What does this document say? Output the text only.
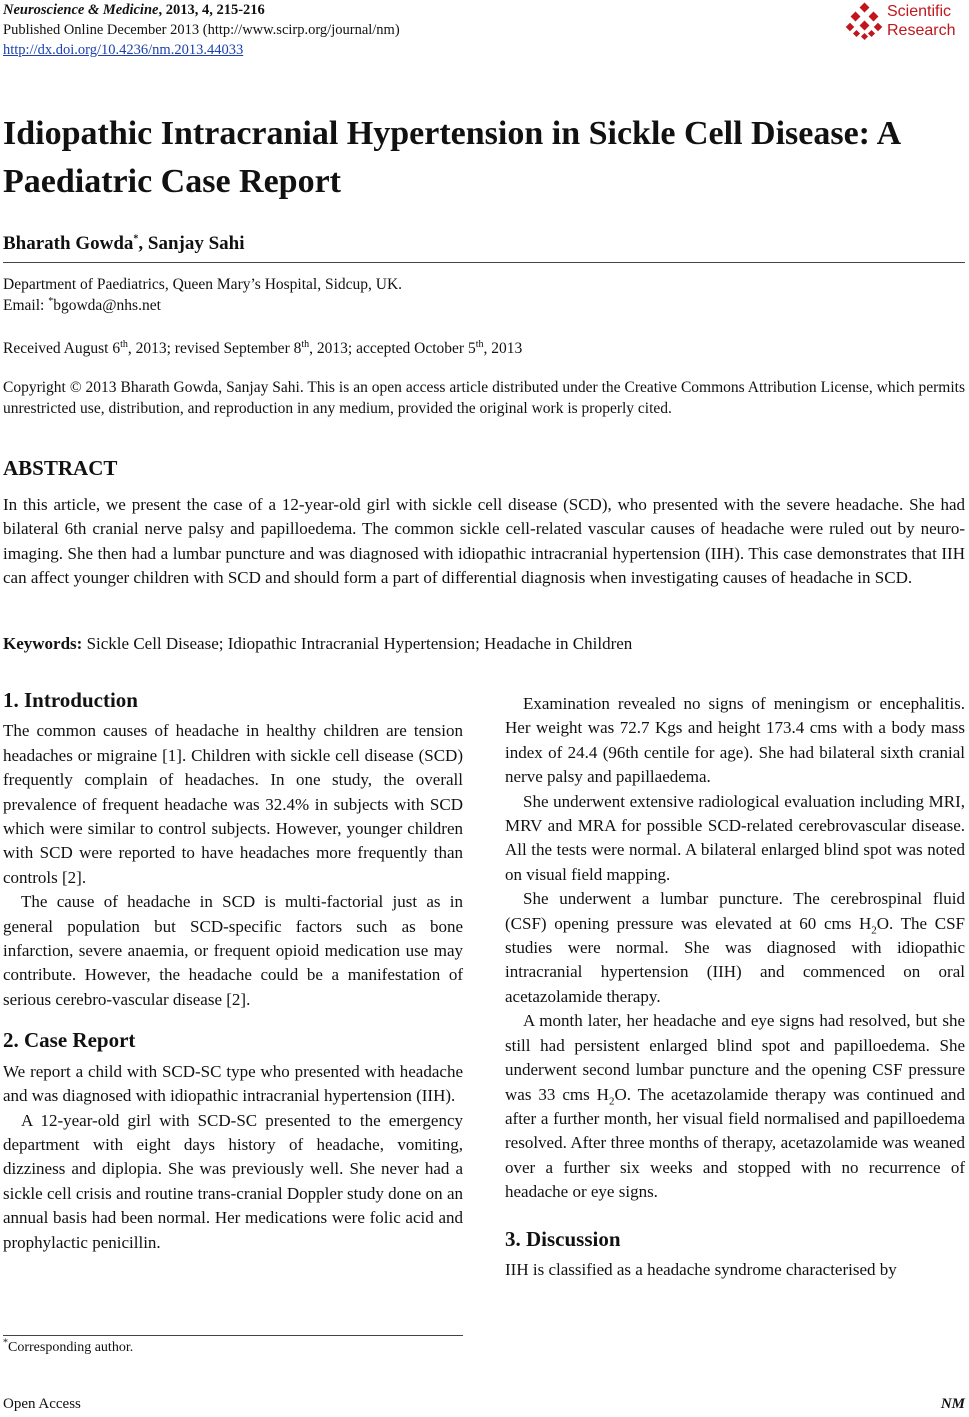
Neuroscience & Medicine, 2013, 4, 215-216
Published Online December 2013 (http://www.scirp.org/journal/nm)
http://dx.doi.org/10.4236/nm.2013.44033
Scientific
Research
Idiopathic Intracranial Hypertension in Sickle Cell Disease: A Paediatric Case Report
Bharath Gowda*, Sanjay Sahi
Department of Paediatrics, Queen Mary’s Hospital, Sidcup, UK.
Email: *bgowda@nhs.net
Received August 6th, 2013; revised September 8th, 2013; accepted October 5th, 2013
Copyright © 2013 Bharath Gowda, Sanjay Sahi. This is an open access article distributed under the Creative Commons Attribution License, which permits unrestricted use, distribution, and reproduction in any medium, provided the original work is properly cited.
ABSTRACT
In this article, we present the case of a 12-year-old girl with sickle cell disease (SCD), who presented with the severe headache. She had bilateral 6th cranial nerve palsy and papilloedema. The common sickle cell-related vascular causes of headache were ruled out by neuro-imaging. She then had a lumbar puncture and was diagnosed with idiopathic intracranial hypertension (IIH). This case demonstrates that IIH can affect younger children with SCD and should form a part of differential diagnosis when investigating causes of headache in SCD.
Keywords: Sickle Cell Disease; Idiopathic Intracranial Hypertension; Headache in Children

1. Introduction

The common causes of headache in healthy children are tension headaches or migraine [1]. Children with sickle cell disease (SCD) frequently complain of headaches. In one study, the overall prevalence of frequent headache was 32.4% in subjects with SCD which were similar to control subjects. However, younger children with SCD were reported to have headaches more frequently than controls [2].

The cause of headache in SCD is multi-factorial just as in general population but SCD-specific factors such as bone infarction, severe anaemia, or frequent opioid medication use may contribute. However, the headache could be a manifestation of serious cerebro-vascular disease [2].

2. Case Report

We report a child with SCD-SC type who presented with headache and was diagnosed with idiopathic intracranial hypertension (IIH).

A 12-year-old girl with SCD-SC presented to the emergency department with eight days history of headache, vomiting, dizziness and diplopia. She was previously well. She never had a sickle cell crisis and routine trans-cranial Doppler study done on an annual basis had been normal. Her medications were folic acid and prophylactic penicillin.

*Corresponding author.

Examination revealed no signs of meningism or encephalitis. Her weight was 72.7 Kgs and height 173.4 cms with a body mass index of 24.4 (96th centile for age). She had bilateral sixth cranial nerve palsy and papillaedema.

She underwent extensive radiological evaluation including MRI, MRV and MRA for possible SCD-related cerebrovascular disease. All the tests were normal. A bilateral enlarged blind spot was noted on visual field mapping.

She underwent a lumbar puncture. The cerebrospinal fluid (CSF) opening pressure was elevated at 60 cms $H_2O$. The CSF studies were normal. She was diagnosed with idiopathic intracranial hypertension (IIH) and commenced on oral acetazolamide therapy.

A month later, her headache and eye signs had resolved, but she still had persistent enlarged blind spot and papilloedema. She underwent second lumbar puncture and the opening CSF pressure was 33 cms $H_2O$. The acetazolamide therapy was continued and after a further month, her visual field normalised and papilloedema resolved. After three months of therapy, acetazolamide was weaned over a further six weeks and stopped with no recurrence of headache or eye signs.

3. Discussion

IIH is classified as a headache syndrome characterised by

Open Access	NM
